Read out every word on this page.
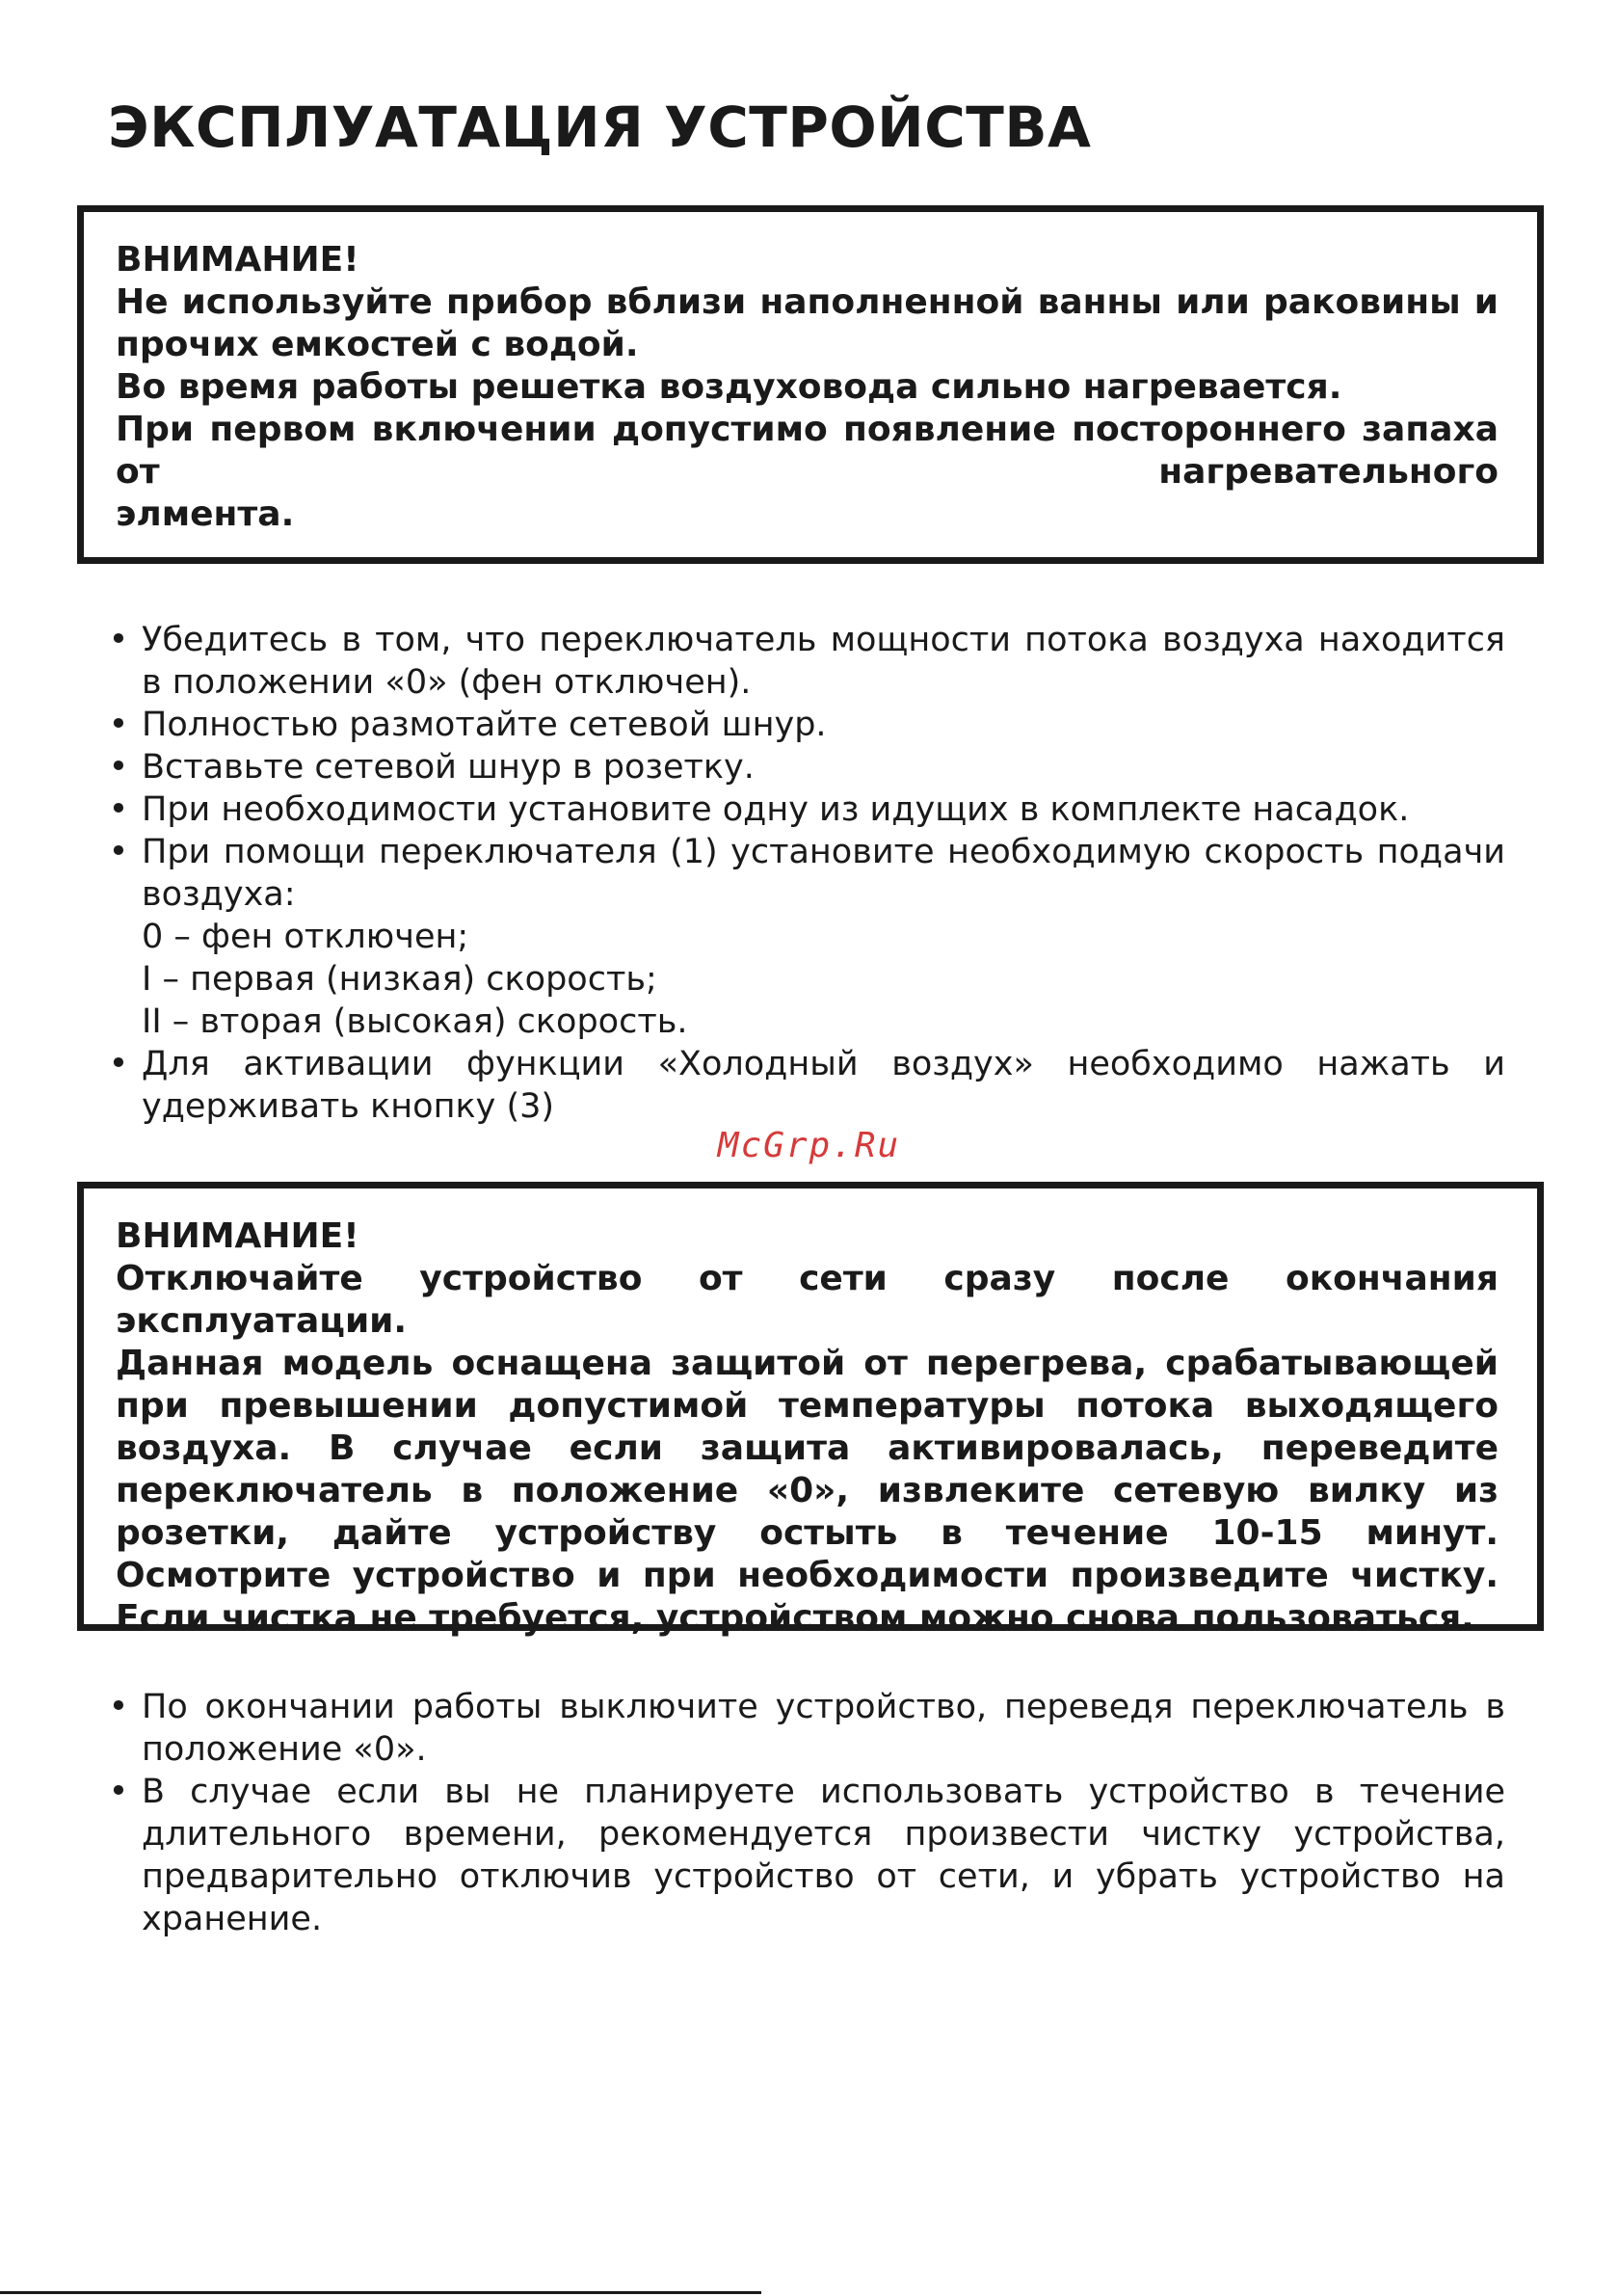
ЭКСПЛУАТАЦИЯ УСТРОЙСТВА

ВНИМАНИЕ!

Не используйте прибор вблизи наполненной ванны или раковины и прочих емкостей с водой.

Во время работы решетка воздуховода сильно нагревается.

При первом включении допустимо появление постороннего запаха от нагревательного

элмента.

• Убедитесь в том, что переключатель мощности потока воздуха находится в положении «0» (фен отключен).
• Полностью размотайте сетевой шнур.
• Вставьте сетевой шнур в розетку.
• При необходимости установите одну из идущих в комплекте насадок.
• При помощи переключателя (1) установите необходимую скорость подачи воздуха:
0 – фен отключен;
I – первая (низкая) скорость;
II – вторая (высокая) скорость.
• Для активации функции «Холодный воздух» необходимо нажать и удерживать кнопку (3)
McGrp.Ru

ВНИМАНИЕ!

Отключайте устройство от сети сразу после окончания эксплуатации.

Данная модель оснащена защитой от перегрева, срабатывающей при превышении допустимой температуры потока выходящего воздуха. В случае если защита активировалась, переведите переключатель в положение «0», извлеките сетевую вилку из розетки, дайте устройству остыть в течение 10-15 минут. Осмотрите устройство и при необходимости произведите чистку. Если чистка не требуется, устройством можно снова пользоваться.

• По окончании работы выключите устройство, переведя переключатель в положение «0».
• В случае если вы не планируете использовать устройство в течение длительного времени, рекомендуется произвести чистку устройства, предварительно отключив устройство от сети, и убрать устройство на хранение.
